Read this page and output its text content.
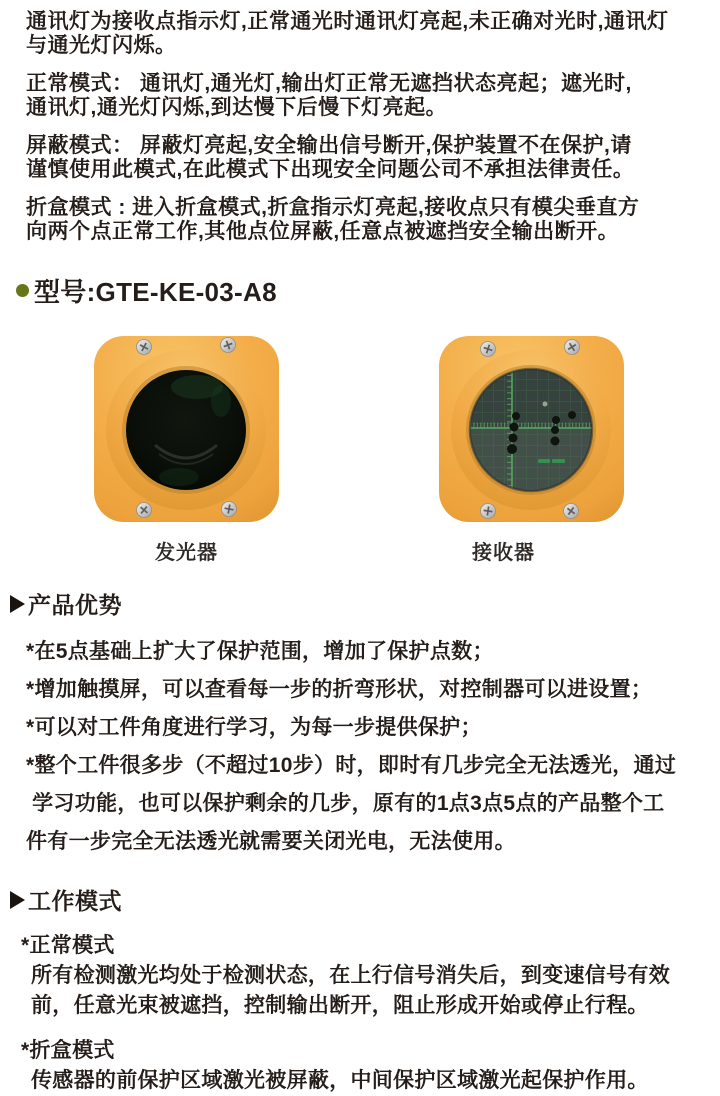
通讯灯为接收点指示灯,正常通光时通讯灯亮起,未正确对光时,通讯灯
与通光灯闪烁。
正常模式： 通讯灯,通光灯,输出灯正常无遮挡状态亮起；遮光时,
通讯灯,通光灯闪烁,到达慢下后慢下灯亮起。
屏蔽模式： 屏蔽灯亮起,安全输出信号断开,保护装置不在保护,请
谨慎使用此模式,在此模式下出现安全问题公司不承担法律责任。
折盒模式 : 进入折盒模式,折盒指示灯亮起,接收点只有模尖垂直方
向两个点正常工作,其他点位屏蔽,任意点被遮挡安全输出断开。
型号:GTE-KE-03-A8
发光器	接收器
产品优势
*在5点基础上扩大了保护范围，增加了保护点数；
*增加触摸屏，可以查看每一步的折弯形状，对控制器可以进设置；
*可以对工件角度进行学习，为每一步提供保护；
*整个工件很多步（不超过10步）时，即时有几步完全无法透光，通过
学习功能，也可以保护剩余的几步，原有的1点3点5点的产品整个工
件有一步完全无法透光就需要关闭光电，无法使用。
工作模式
*正常模式
所有检测激光均处于检测状态，在上行信号消失后，到变速信号有效
前，任意光束被遮挡，控制输出断开，阻止形成开始或停止行程。
*折盒模式
传感器的前保护区域激光被屏蔽，中间保护区域激光起保护作用。
